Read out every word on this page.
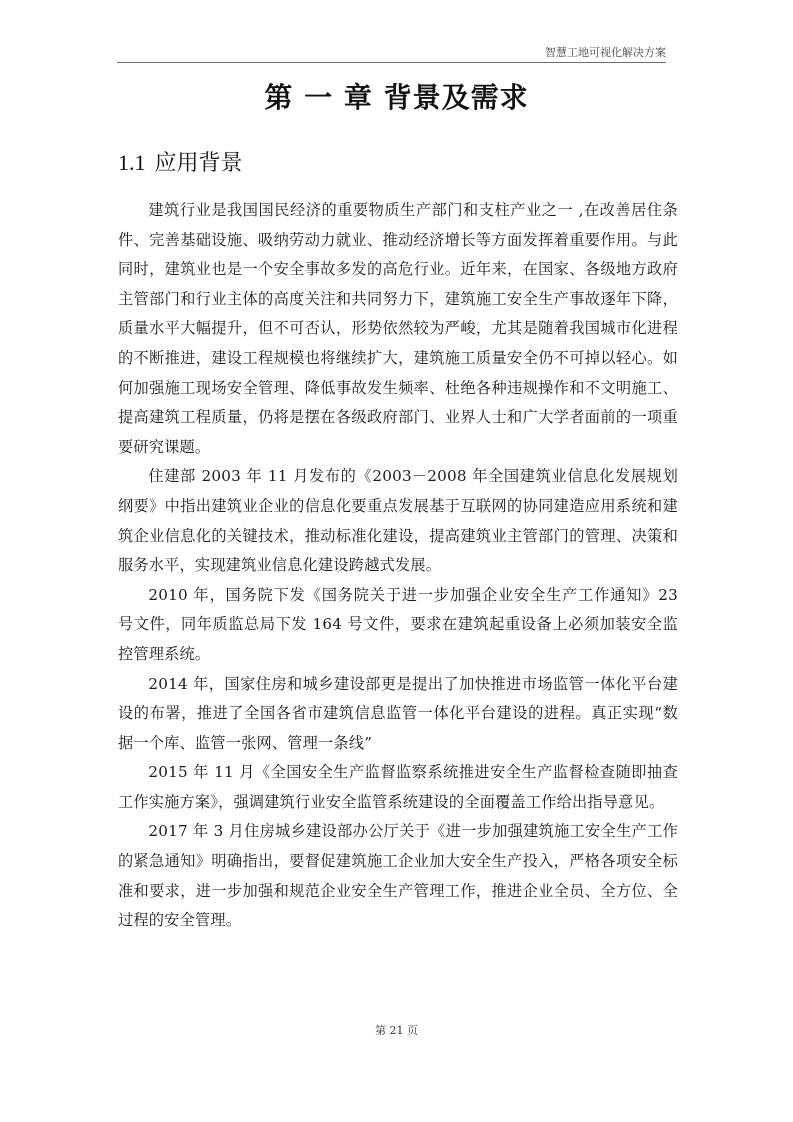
智慧工地可视化解决方案
第 一 章 背景及需求
1.1 应用背景

建筑行业是我国国民经济的重要物质生产部门和支柱产业之一 ,在改善居住条件、完善基础设施、吸纳劳动力就业、推动经济增长等方面发挥着重要作用。与此同时，建筑业也是一个安全事故多发的高危行业。近年来，在国家、各级地方政府主管部门和行业主体的高度关注和共同努力下，建筑施工安全生产事故逐年下降，质量水平大幅提升，但不可否认，形势依然较为严峻，尤其是随着我国城市化进程的不断推进，建设工程规模也将继续扩大，建筑施工质量安全仍不可掉以轻心。如何加强施工现场安全管理、降低事故发生频率、杜绝各种违规操作和不文明施工、提高建筑工程质量，仍将是摆在各级政府部门、业界人士和广大学者面前的一项重要研究课题。

住建部 2003 年 11 月发布的《2003－2008 年全国建筑业信息化发展规划纲要》中指出建筑业企业的信息化要重点发展基于互联网的协同建造应用系统和建筑企业信息化的关键技术，推动标准化建设，提高建筑业主管部门的管理、决策和服务水平，实现建筑业信息化建设跨越式发展。

2010 年，国务院下发《国务院关于进一步加强企业安全生产工作通知》23 号文件，同年质监总局下发 164 号文件，要求在建筑起重设备上必须加装安全监控管理系统。

2014 年，国家住房和城乡建设部更是提出了加快推进市场监管一体化平台建设的布署，推进了全国各省市建筑信息监管一体化平台建设的进程。真正实现“数据一个库、监管一张网、管理一条线”

2015 年 11 月《全国安全生产监督监察系统推进安全生产监督检查随即抽查工作实施方案》，强调建筑行业安全监管系统建设的全面覆盖工作给出指导意见。

2017 年 3 月住房城乡建设部办公厅关于《进一步加强建筑施工安全生产工作的紧急通知》明确指出，要督促建筑施工企业加大安全生产投入，严格各项安全标准和要求，进一步加强和规范企业安全生产管理工作，推进企业全员、全方位、全过程的安全管理。

第 21 页
